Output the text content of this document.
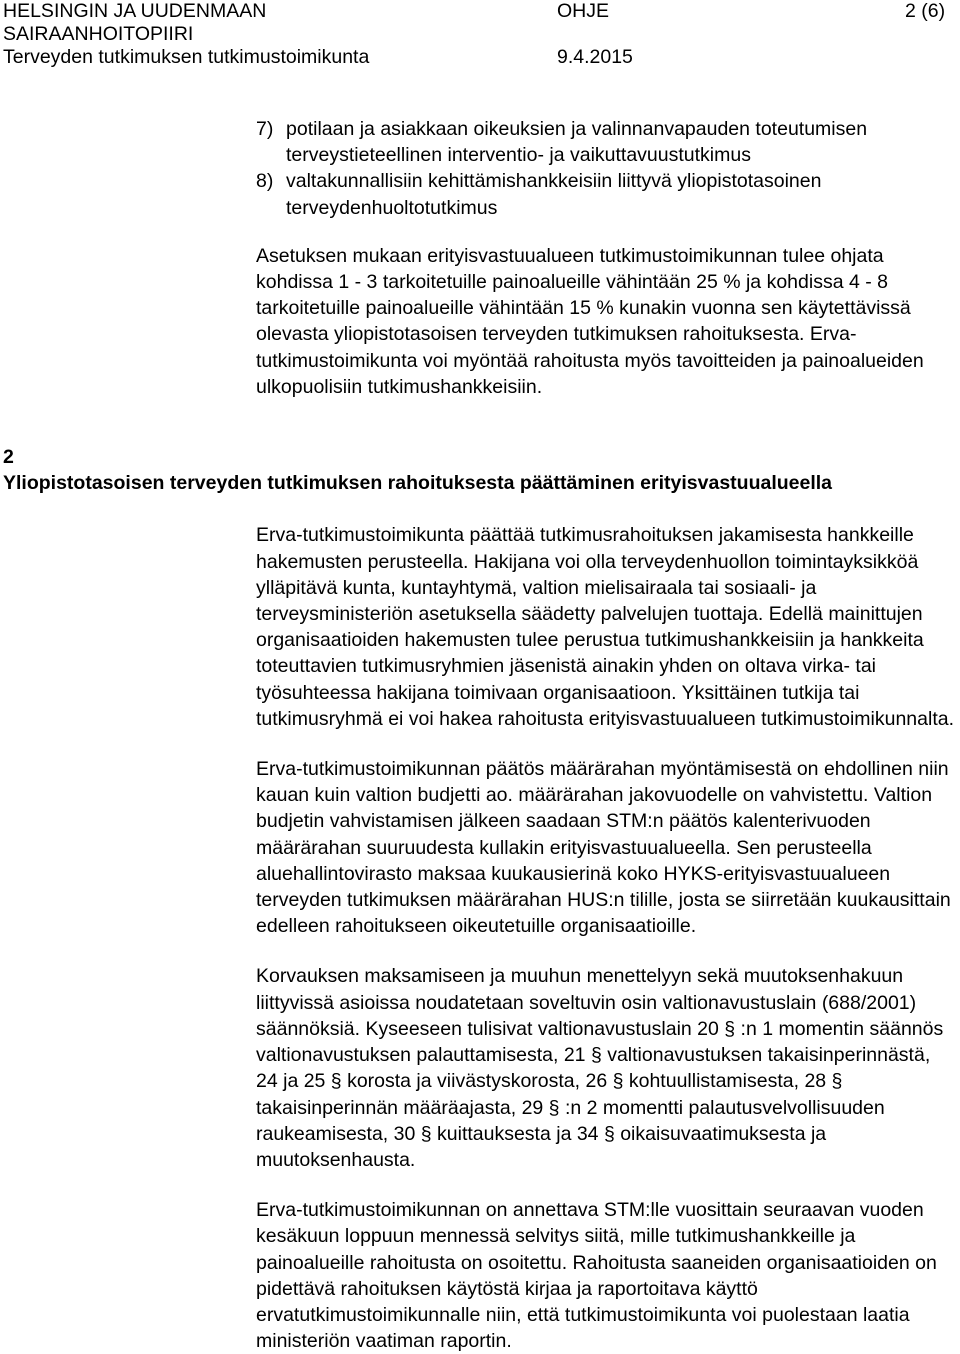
HELSINGIN JA UUDENMAAN	OHJE	2 (6)
SAIRAANHOITOPIIRI
Terveyden tutkimuksen tutkimustoimikunta	9.4.2015
7) potilaan ja asiakkaan oikeuksien ja valinnanvapauden toteutumisen terveystieteellinen interventio- ja vaikuttavuustutkimus
8) valtakunnallisiin kehittämishankkeisiin liittyvä yliopistotasoinen terveydenhuoltotutkimus

Asetuksen mukaan erityisvastuualueen tutkimustoimikunnan tulee ohjata kohdissa 1 - 3 tarkoitetuille painoalueille vähintään 25 % ja kohdissa 4 - 8 tarkoitetuille painoalueille vähintään 15 % kunakin vuonna sen käytettävissä olevasta yliopistotasoisen terveyden tutkimuksen rahoituksesta. Erva-tutkimustoimikunta voi myöntää rahoitusta myös tavoitteiden ja painoalueiden ulkopuolisiin tutkimushankkeisiin.

2
Yliopistotasoisen terveyden tutkimuksen rahoituksesta päättäminen erityisvastuualueella

Erva-tutkimustoimikunta päättää tutkimusrahoituksen jakamisesta hankkeille hakemusten perusteella. Hakijana voi olla terveydenhuollon toimintayksikköä ylläpitävä kunta, kuntayhtymä, valtion mielisairaala tai sosiaali- ja terveysministeriön asetuksella säädetty palvelujen tuottaja. Edellä mainittujen organisaatioiden hakemusten tulee perustua tutkimushankkeisiin ja hankkeita toteuttavien tutkimusryhmien jäsenistä ainakin yhden on oltava virka- tai työsuhteessa hakijana toimivaan organisaatioon. Yksittäinen tutkija tai tutkimusryhmä ei voi hakea rahoitusta erityisvastuualueen tutkimustoimikunnalta.

Erva-tutkimustoimikunnan päätös määrärahan myöntämisestä on ehdollinen niin kauan kuin valtion budjetti ao. määrärahan jakovuodelle on vahvistettu. Valtion budjetin vahvistamisen jälkeen saadaan STM:n päätös kalenterivuoden määrärahan suuruudesta kullakin erityisvastuualueella. Sen perusteella aluehallintovirasto maksaa kuukausierinä koko HYKS-erityisvastuualueen terveyden tutkimuksen määrärahan HUS:n tilille, josta se siirretään kuukausittain edelleen rahoitukseen oikeutetuille organisaatioille.

Korvauksen maksamiseen ja muuhun menettelyyn sekä muutoksenhakuun liittyvissä asioissa noudatetaan soveltuvin osin valtionavustuslain (688/2001) säännöksiä. Kyseeseen tulisivat valtionavustuslain 20 § :n 1 momentin säännös valtionavustuksen palauttamisesta, 21 § valtionavustuksen takaisinperinnästä, 24 ja 25 § korosta ja viivästyskorosta, 26 § kohtuullistamisesta, 28 § takaisinperinnän määräajasta, 29 § :n 2 momentti palautusvelvollisuuden raukeamisesta, 30 § kuittauksesta ja 34 § oikaisuvaatimuksesta ja muutoksenhausta.

Erva-tutkimustoimikunnan on annettava STM:lle vuosittain seuraavan vuoden kesäkuun loppuun mennessä selvitys siitä, mille tutkimushankkeille ja painoalueille rahoitusta on osoitettu. Rahoitusta saaneiden organisaatioiden on pidettävä rahoituksen käytöstä kirjaa ja raportoitava käyttö ervatutkimustoimikunnalle niin, että tutkimustoimikunta voi puolestaan laatia ministeriön vaatiman raportin.
